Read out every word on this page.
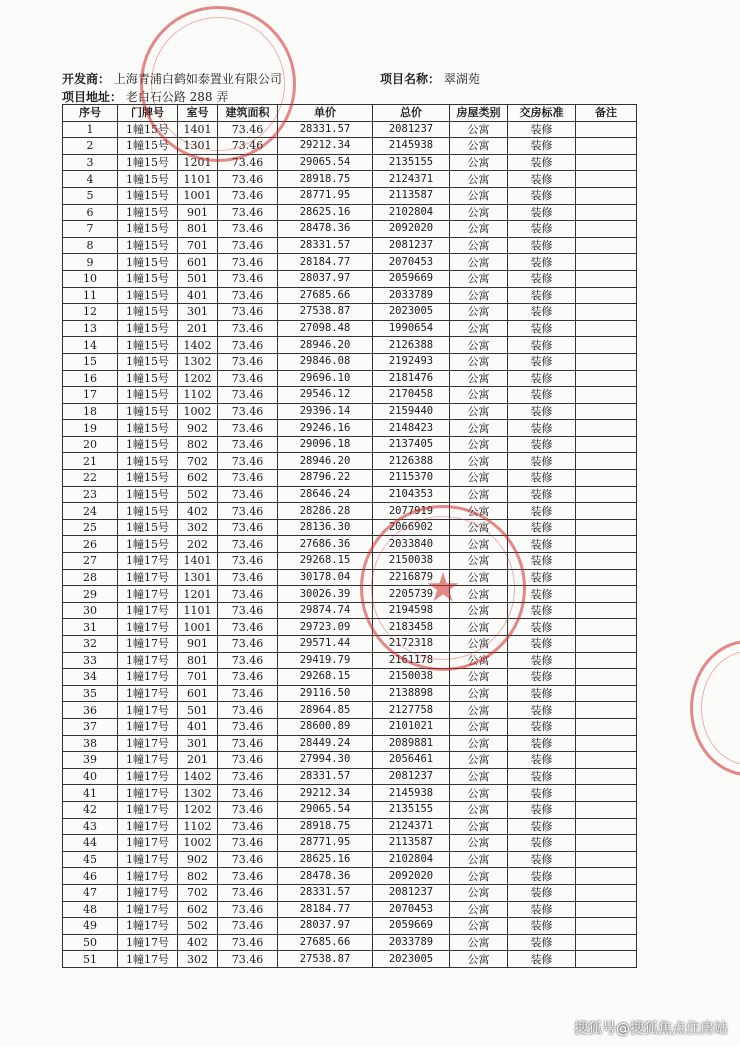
开发商： 上海青浦白鹤如泰置业有限公司	项目名称： 翠湖苑
项目地址： 老白石公路 288 弄
序号	门牌号	室号	建筑面积	单价	总价	房屋类别	交房标准	备注
1	1幢15号	1401	73.46	28331.57	2081237	公寓	装修	
2	1幢15号	1301	73.46	29212.34	2145938	公寓	装修	
3	1幢15号	1201	73.46	29065.54	2135155	公寓	装修	
4	1幢15号	1101	73.46	28918.75	2124371	公寓	装修	
5	1幢15号	1001	73.46	28771.95	2113587	公寓	装修	
6	1幢15号	901	73.46	28625.16	2102804	公寓	装修	
7	1幢15号	801	73.46	28478.36	2092020	公寓	装修	
8	1幢15号	701	73.46	28331.57	2081237	公寓	装修	
9	1幢15号	601	73.46	28184.77	2070453	公寓	装修	
10	1幢15号	501	73.46	28037.97	2059669	公寓	装修	
11	1幢15号	401	73.46	27685.66	2033789	公寓	装修	
12	1幢15号	301	73.46	27538.87	2023005	公寓	装修	
13	1幢15号	201	73.46	27098.48	1990654	公寓	装修	
14	1幢15号	1402	73.46	28946.20	2126388	公寓	装修	
15	1幢15号	1302	73.46	29846.08	2192493	公寓	装修	
16	1幢15号	1202	73.46	29696.10	2181476	公寓	装修	
17	1幢15号	1102	73.46	29546.12	2170458	公寓	装修	
18	1幢15号	1002	73.46	29396.14	2159440	公寓	装修	
19	1幢15号	902	73.46	29246.16	2148423	公寓	装修	
20	1幢15号	802	73.46	29096.18	2137405	公寓	装修	
21	1幢15号	702	73.46	28946.20	2126388	公寓	装修	
22	1幢15号	602	73.46	28796.22	2115370	公寓	装修	
23	1幢15号	502	73.46	28646.24	2104353	公寓	装修	
24	1幢15号	402	73.46	28286.28	2077919	公寓	装修	
25	1幢15号	302	73.46	28136.30	2066902	公寓	装修	
26	1幢15号	202	73.46	27686.36	2033840	公寓	装修	
27	1幢17号	1401	73.46	29268.15	2150038	公寓	装修	
28	1幢17号	1301	73.46	30178.04	2216879	公寓	装修	
29	1幢17号	1201	73.46	30026.39	2205739	公寓	装修	
30	1幢17号	1101	73.46	29874.74	2194598	公寓	装修	
31	1幢17号	1001	73.46	29723.09	2183458	公寓	装修	
32	1幢17号	901	73.46	29571.44	2172318	公寓	装修	
33	1幢17号	801	73.46	29419.79	2161178	公寓	装修	
34	1幢17号	701	73.46	29268.15	2150038	公寓	装修	
35	1幢17号	601	73.46	29116.50	2138898	公寓	装修	
36	1幢17号	501	73.46	28964.85	2127758	公寓	装修	
37	1幢17号	401	73.46	28600.89	2101021	公寓	装修	
38	1幢17号	301	73.46	28449.24	2089881	公寓	装修	
39	1幢17号	201	73.46	27994.30	2056461	公寓	装修	
40	1幢17号	1402	73.46	28331.57	2081237	公寓	装修	
41	1幢17号	1302	73.46	29212.34	2145938	公寓	装修	
42	1幢17号	1202	73.46	29065.54	2135155	公寓	装修	
43	1幢17号	1102	73.46	28918.75	2124371	公寓	装修	
44	1幢17号	1002	73.46	28771.95	2113587	公寓	装修	
45	1幢17号	902	73.46	28625.16	2102804	公寓	装修	
46	1幢17号	802	73.46	28478.36	2092020	公寓	装修	
47	1幢17号	702	73.46	28331.57	2081237	公寓	装修	
48	1幢17号	602	73.46	28184.77	2070453	公寓	装修	
49	1幢17号	502	73.46	28037.97	2059669	公寓	装修	
50	1幢17号	402	73.46	27685.66	2033789	公寓	装修	
51	1幢17号	302	73.46	27538.87	2023005	公寓	装修	
★
搜狐号@搜狐焦点住房站
